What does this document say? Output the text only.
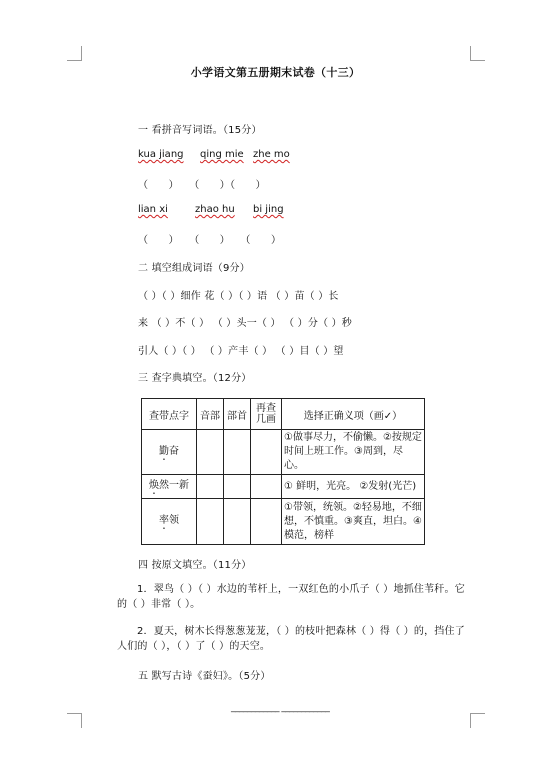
小学语文第五册期末试卷（十三）
一 看拼音写词语。（15分）
kua jiang qing mie zhe mo
（　　）　　（　　）（　　）
lian xi	zhao hu bi jing
（　　）　　（　　）　　（　　）
二 填空组成词语（9分）
（ ）（ ）细作 花（ ）（ ）语 （ ）苗（ ）长
来 （ ）不（ ） （ ）头一（ ） （ ）分（ ）秒
引人（ ）（ ） （ ）产丰（ ） （ ）目（ ）望
三 查字典填空。（12分）
查带点字	音部	部首	再查几画	选择正确义项（画✓）
勤奋				①做事尽力，不偷懒。②按规定时间上班工作。③周到，尽心。
焕然一新				① 鲜明，光亮。 ②发射(光芒)
率领				①带领，统领。②轻易地，不细想，不慎重。③爽直，坦白。④模范，榜样
四 按原文填空。（11分）
1．翠鸟（ ）（ ）水边的苇杆上，一双红色的小爪子（ ）地抓住苇秆。它的（ ）非常（ ）。
2．夏天，树木长得葱葱茏茏，（ ）的枝叶把森林（ ）得（ ）的，挡住了人们的（ ），（ ）了（ ）的天空。
五 默写古诗《蚕妇》。（5分）
____________ ____________
